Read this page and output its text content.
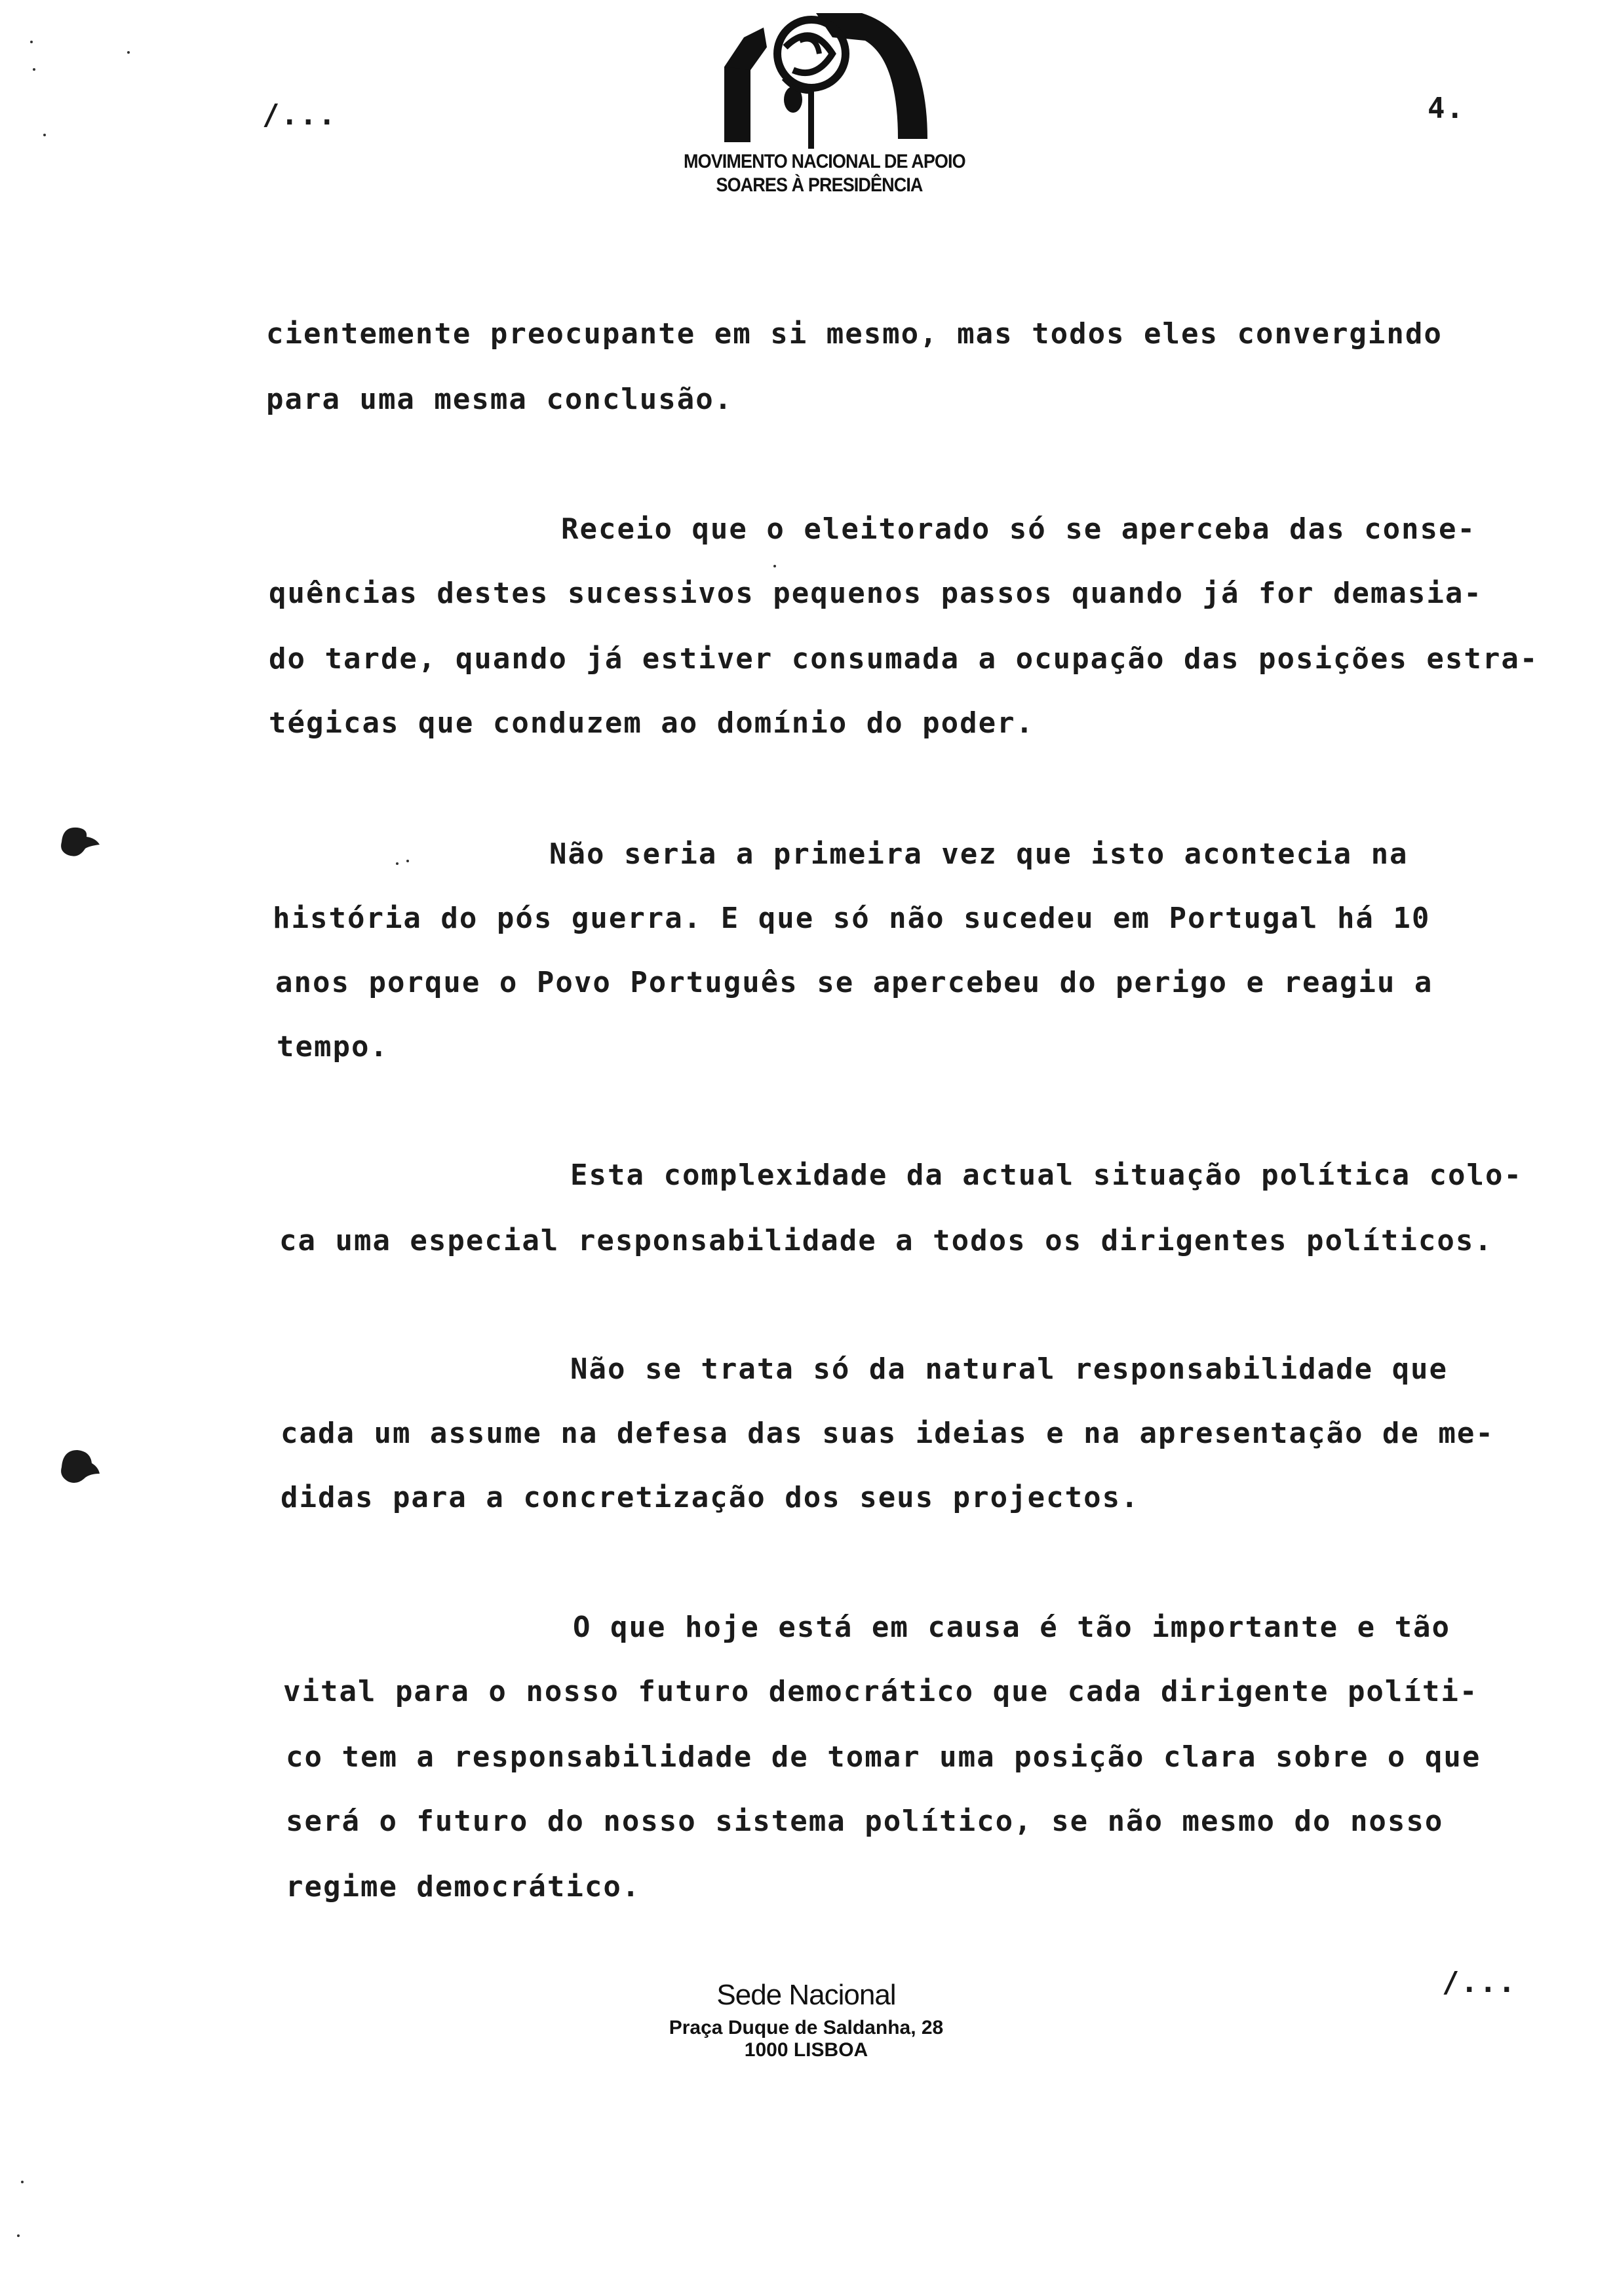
/...
MOVIMENTO NACIONAL DE APOIO
SOARES À PRESIDÊNCIA
4.
cientemente preocupante em si mesmo, mas todos eles convergindo
para uma mesma conclusão.
Receio que o eleitorado só se aperceba das conse-
quências destes sucessivos pequenos passos quando já for demasia-
do tarde, quando já estiver consumada a ocupação das posições estra-
tégicas que conduzem ao domínio do poder.
Não seria a primeira vez que isto acontecia na
história do pós guerra. E que só não sucedeu em Portugal há 10
anos porque o Povo Português se apercebeu do perigo e reagiu a
tempo.
Esta complexidade da actual situação política colo-
ca uma especial responsabilidade a todos os dirigentes políticos.
Não se trata só da natural responsabilidade que
cada um assume na defesa das suas ideias e na apresentação de me-
didas para a concretização dos seus projectos.
O que hoje está em causa é tão importante e tão
vital para o nosso futuro democrático que cada dirigente políti-
co tem a responsabilidade de tomar uma posição clara sobre o que
será o futuro do nosso sistema político, se não mesmo do nosso
regime democrático.
/...
Sede Nacional
Praça Duque de Saldanha, 28
1000 LISBOA
